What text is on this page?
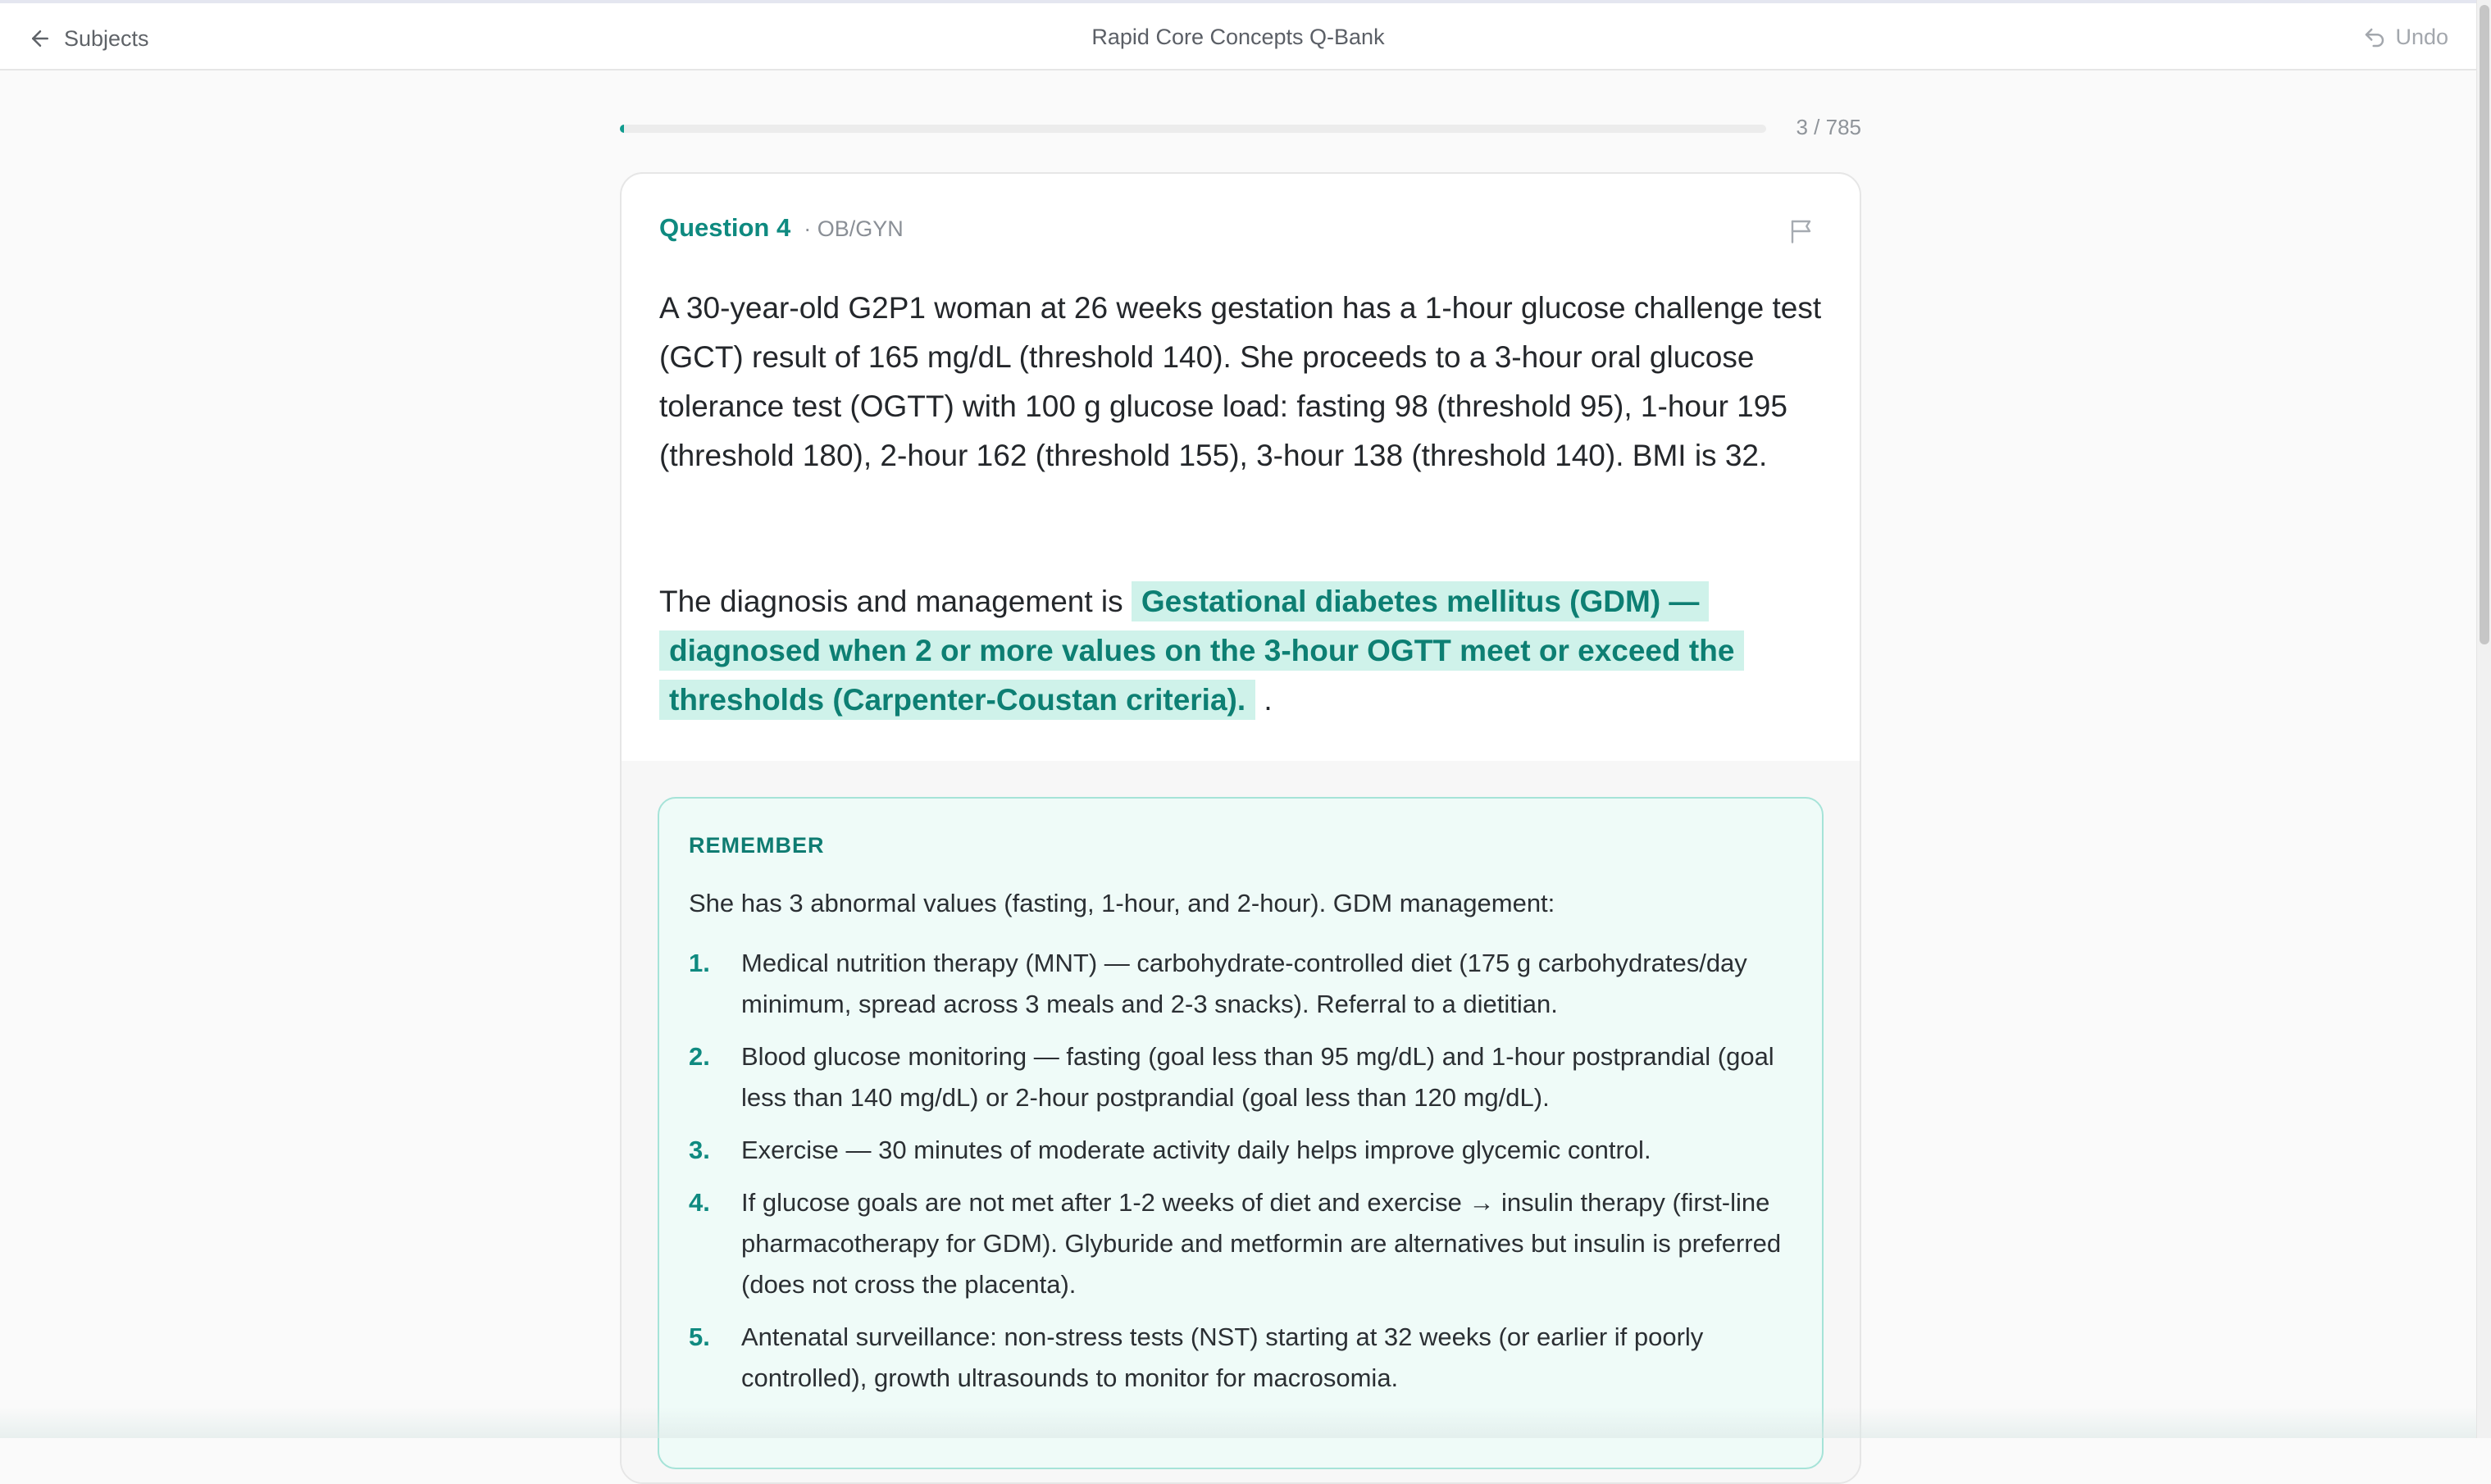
Subjects	Rapid Core Concepts Q-Bank	Undo
3 / 785
Question 4 · OB/GYN
A 30-year-old G2P1 woman at 26 weeks gestation has a 1-hour glucose challenge test (GCT) result of 165 mg/dL (threshold 140). She proceeds to a 3-hour oral glucose tolerance test (OGTT) with 100 g glucose load: fasting 98 (threshold 95), 1-hour 195 (threshold 180), 2-hour 162 (threshold 155), 3-hour 138 (threshold 140). BMI is 32.
The diagnosis and management is Gestational diabetes mellitus (GDM) — diagnosed when 2 or more values on the 3-hour OGTT meet or exceed the thresholds (Carpenter-Coustan criteria). .
REMEMBER
She has 3 abnormal values (fasting, 1-hour, and 2-hour). GDM management:
1.	Medical nutrition therapy (MNT) — carbohydrate-controlled diet (175 g carbohydrates/day minimum, spread across 3 meals and 2-3 snacks). Referral to a dietitian.
2.	Blood glucose monitoring — fasting (goal less than 95 mg/dL) and 1-hour postprandial (goal less than 140 mg/dL) or 2-hour postprandial (goal less than 120 mg/dL).
3.	Exercise — 30 minutes of moderate activity daily helps improve glycemic control.
4.	If glucose goals are not met after 1-2 weeks of diet and exercise → insulin therapy (first-line pharmacotherapy for GDM). Glyburide and metformin are alternatives but insulin is preferred (does not cross the placenta).
5.	Antenatal surveillance: non-stress tests (NST) starting at 32 weeks (or earlier if poorly controlled), growth ultrasounds to monitor for macrosomia.
